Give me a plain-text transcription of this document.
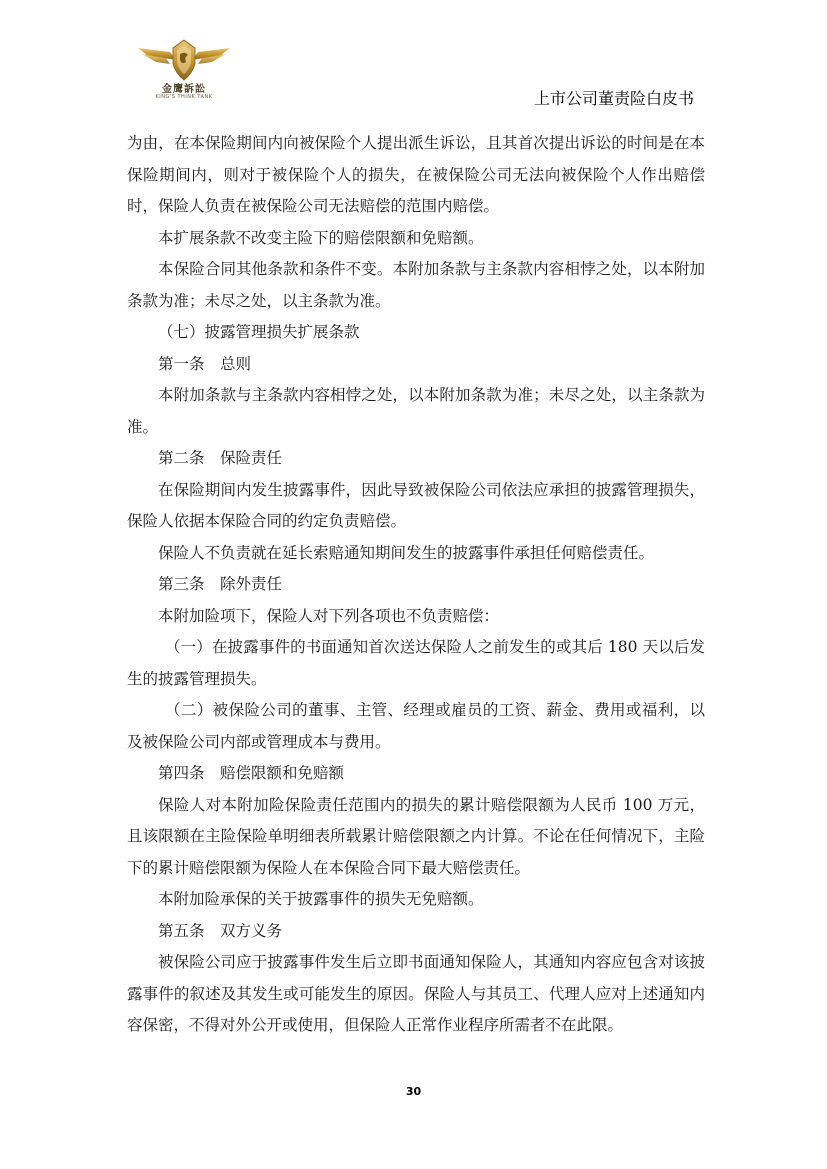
金鹰訴訟
KING'S THINK TANK	上市公司董责险白皮书

为由，在本保险期间内向被保险个人提出派生诉讼，且其首次提出诉讼的时间是在本保险期间内，则对于被保险个人的损失，在被保险公司无法向被保险个人作出赔偿时，保险人负责在被保险公司无法赔偿的范围内赔偿。

本扩展条款不改变主险下的赔偿限额和免赔额。

本保险合同其他条款和条件不变。本附加条款与主条款内容相悖之处，以本附加条款为准；未尽之处，以主条款为准。

（七）披露管理损失扩展条款

第一条　总则

本附加条款与主条款内容相悖之处，以本附加条款为准；未尽之处，以主条款为准。

第二条　保险责任

在保险期间内发生披露事件，因此导致被保险公司依法应承担的披露管理损失，保险人依据本保险合同的约定负责赔偿。

保险人不负责就在延长索赔通知期间发生的披露事件承担任何赔偿责任。

第三条　除外责任

本附加险项下，保险人对下列各项也不负责赔偿：

（一）在披露事件的书面通知首次送达保险人之前发生的或其后 180 天以后发生的披露管理损失。

（二）被保险公司的董事、主管、经理或雇员的工资、薪金、费用或福利，以及被保险公司内部或管理成本与费用。

第四条　赔偿限额和免赔额

保险人对本附加险保险责任范围内的损失的累计赔偿限额为人民币 100 万元，且该限额在主险保险单明细表所载累计赔偿限额之内计算。不论在任何情况下，主险下的累计赔偿限额为保险人在本保险合同下最大赔偿责任。

本附加险承保的关于披露事件的损失无免赔额。

第五条　双方义务

被保险公司应于披露事件发生后立即书面通知保险人，其通知内容应包含对该披露事件的叙述及其发生或可能发生的原因。保险人与其员工、代理人应对上述通知内容保密，不得对外公开或使用，但保险人正常作业程序所需者不在此限。

30
